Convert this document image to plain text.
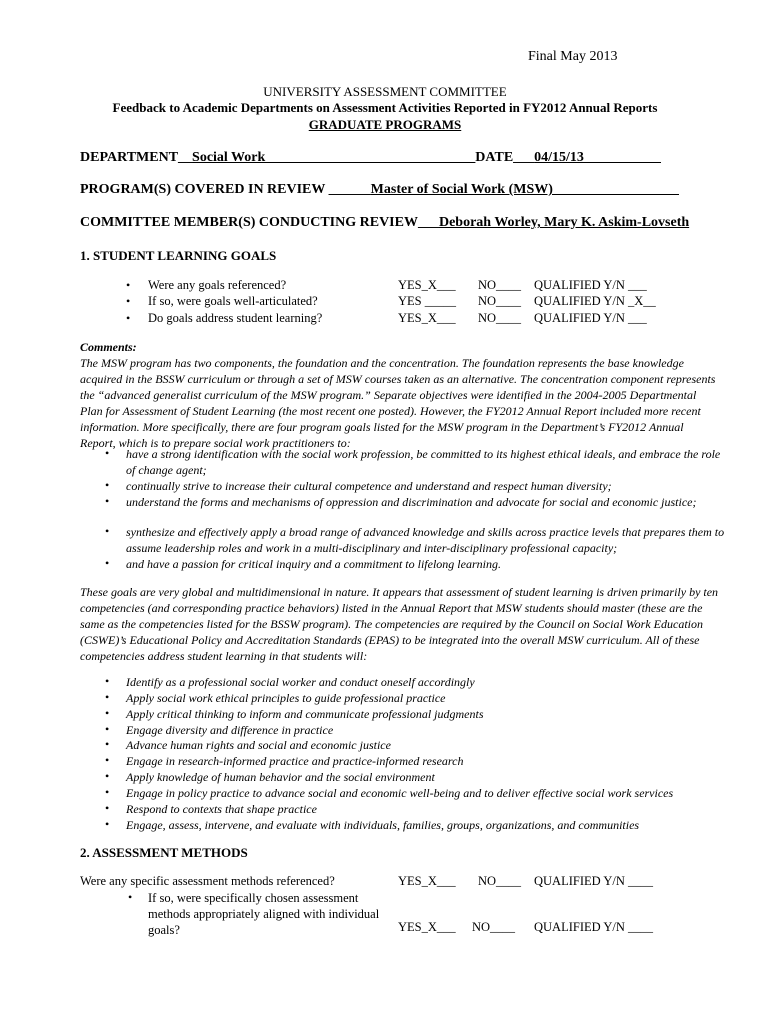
Final May 2013
UNIVERSITY ASSESSMENT COMMITTEE
Feedback to Academic Departments on Assessment Activities Reported in FY2012 Annual Reports
GRADUATE PROGRAMS
DEPARTMENT__Social Work______________________________DATE___04/15/13___________
PROGRAM(S) COVERED IN REVIEW ______Master of Social Work (MSW)__________________
COMMITTEE MEMBER(S) CONDUCTING REVIEW___Deborah Worley, Mary K. Askim-Lovseth
1. STUDENT LEARNING GOALS
• Were any goals referenced?	YES_X___ NO____ QUALIFIED Y/N ___
• If so, were goals well-articulated?	YES _____ NO____ QUALIFIED Y/N _X__
• Do goals address student learning?	YES_X___ NO____ QUALIFIED Y/N ___
Comments:

The MSW program has two components, the foundation and the concentration. The foundation represents the base knowledge acquired in the BSSW curriculum or through a set of MSW courses taken as an alternative. The concentration component represents the “advanced generalist curriculum of the MSW program.” Separate objectives were identified in the 2004-2005 Departmental Plan for Assessment of Student Learning (the most recent one posted). However, the FY2012 Annual Report included more recent information. More specifically, there are four program goals listed for the MSW program in the Department’s FY2012 Annual Report, which is to prepare social work practitioners to:

• have a strong identification with the social work profession, be committed to its highest ethical ideals, and embrace the role of change agent;
• continually strive to increase their cultural competence and understand and respect human diversity;
• understand the forms and mechanisms of oppression and discrimination and advocate for social and economic justice;
• synthesize and effectively apply a broad range of advanced knowledge and skills across practice levels that prepares them to assume leadership roles and work in a multi-disciplinary and inter-disciplinary professional capacity;
• and have a passion for critical inquiry and a commitment to lifelong learning.

These goals are very global and multidimensional in nature. It appears that assessment of student learning is driven primarily by ten competencies (and corresponding practice behaviors) listed in the Annual Report that MSW students should master (these are the same as the competencies listed for the BSSW program). The competencies are required by the Council on Social Work Education (CSWE)’s Educational Policy and Accreditation Standards (EPAS) to be integrated into the overall MSW curriculum. All of these competencies address student learning in that students will:

• Identify as a professional social worker and conduct oneself accordingly
• Apply social work ethical principles to guide professional practice
• Apply critical thinking to inform and communicate professional judgments
• Engage diversity and difference in practice
• Advance human rights and social and economic justice
• Engage in research-informed practice and practice-informed research
• Apply knowledge of human behavior and the social environment
• Engage in policy practice to advance social and economic well-being and to deliver effective social work services
• Respond to contexts that shape practice
• Engage, assess, intervene, and evaluate with individuals, families, groups, organizations, and communities
2. ASSESSMENT METHODS
Were any specific assessment methods referenced?	YES_X___ NO____ QUALIFIED Y/N ____
• If so, were specifically chosen assessment methods appropriately aligned with individual goals?	YES_X___ NO____ QUALIFIED Y/N ____
